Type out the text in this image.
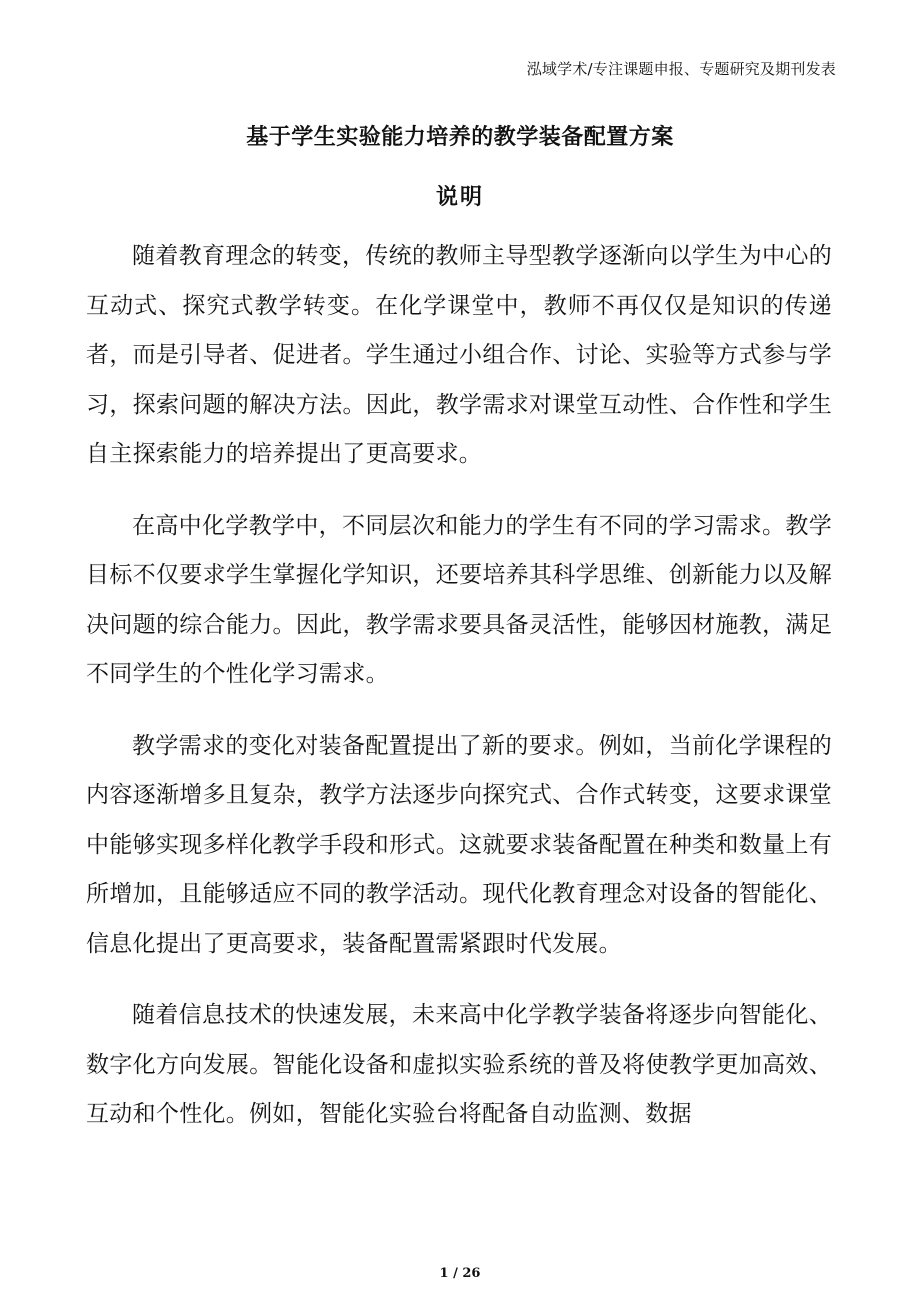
泓域学术/专注课题申报、专题研究及期刊发表
基于学生实验能力培养的教学装备配置方案
说明

随着教育理念的转变，传统的教师主导型教学逐渐向以学生为中心的互动式、探究式教学转变。在化学课堂中，教师不再仅仅是知识的传递者，而是引导者、促进者。学生通过小组合作、讨论、实验等方式参与学习，探索问题的解决方法。因此，教学需求对课堂互动性、合作性和学生自主探索能力的培养提出了更高要求。

在高中化学教学中，不同层次和能力的学生有不同的学习需求。教学目标不仅要求学生掌握化学知识，还要培养其科学思维、创新能力以及解决问题的综合能力。因此，教学需求要具备灵活性，能够因材施教，满足不同学生的个性化学习需求。

教学需求的变化对装备配置提出了新的要求。例如，当前化学课程的内容逐渐增多且复杂，教学方法逐步向探究式、合作式转变，这要求课堂中能够实现多样化教学手段和形式。这就要求装备配置在种类和数量上有所增加，且能够适应不同的教学活动。现代化教育理念对设备的智能化、信息化提出了更高要求，装备配置需紧跟时代发展。

随着信息技术的快速发展，未来高中化学教学装备将逐步向智能化、数字化方向发展。智能化设备和虚拟实验系统的普及将使教学更加高效、互动和个性化。例如，智能化实验台将配备自动监测、数据

1 / 26
